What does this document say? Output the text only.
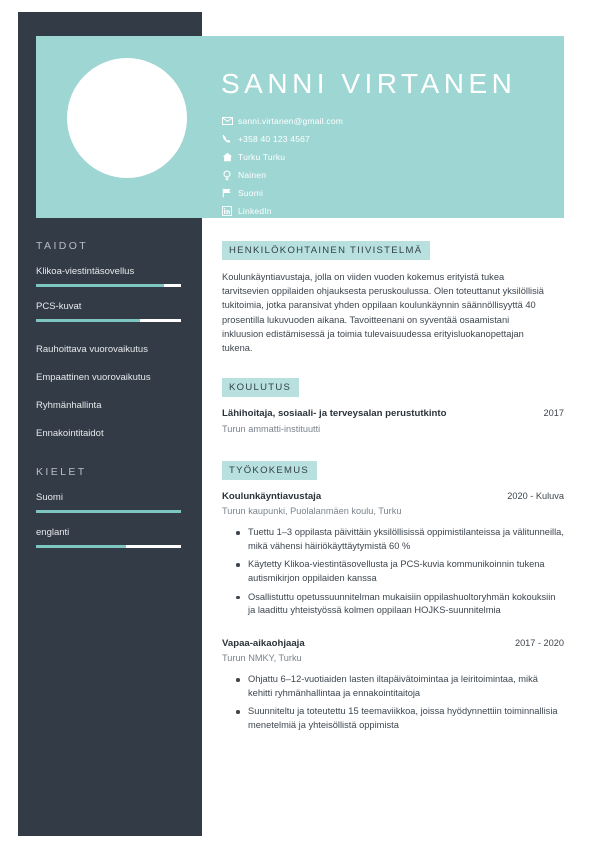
SANNI VIRTANEN
sanni.virtanen@gmail.com
+358 40 123 4567
Turku Turku
Nainen
Suomi
LinkedIn
TAIDOT
Klikoa-viestintäsovellus
PCS-kuvat
Rauhoittava vuorovaikutus
Empaattinen vuorovaikutus
Ryhmänhallinta
Ennakointitaidot
KIELET
Suomi
englanti
HENKILÖKOHTAINEN TIIVISTELMÄ

Koulunkäyntiavustaja, jolla on viiden vuoden kokemus erityistä tukea tarvitsevien oppilaiden ohjauksesta peruskoulussa. Olen toteuttanut yksilöllisiä tukitoimia, jotka paransivat yhden oppilaan koulunkäynnin säännöllisyyttä 40 prosentilla lukuvuoden aikana. Tavoitteenani on syventää osaamistani inkluusion edistämisessä ja toimia tulevaisuudessa erityisluokanopettajan tukena.

KOULUTUS
Lähihoitaja, sosiaali- ja terveysalan perustutkinto	2017
Turun ammatti-instituutti
TYÖKOKEMUS
Koulunkäyntiavustaja	2020 - Kuluva
Turun kaupunki, Puolalanmäen koulu, Turku
Tuettu 1–3 oppilasta päivittäin yksilöllisissä oppimistilanteissa ja välitunneilla, mikä vähensi häiriökäyttäytymistä 60 %
Käytetty Klikoa-viestintäsovellusta ja PCS-kuvia kommunikoinnin tukena autismikirjon oppilaiden kanssa
Osallistuttu opetussuunnitelman mukaisiin oppilashuoltoryhmän kokouksiin ja laadittu yhteistyössä kolmen oppilaan HOJKS-suunnitelmia
Vapaa-aikaohjaaja	2017 - 2020
Turun NMKY, Turku
Ohjattu 6–12-vuotiaiden lasten iltapäivätoimintaa ja leiritoimintaa, mikä kehitti ryhmänhallintaa ja ennakointitaitoja
Suunniteltu ja toteutettu 15 teemaviikkoa, joissa hyödynnettiin toiminnallisia menetelmiä ja yhteisöllistä oppimista
